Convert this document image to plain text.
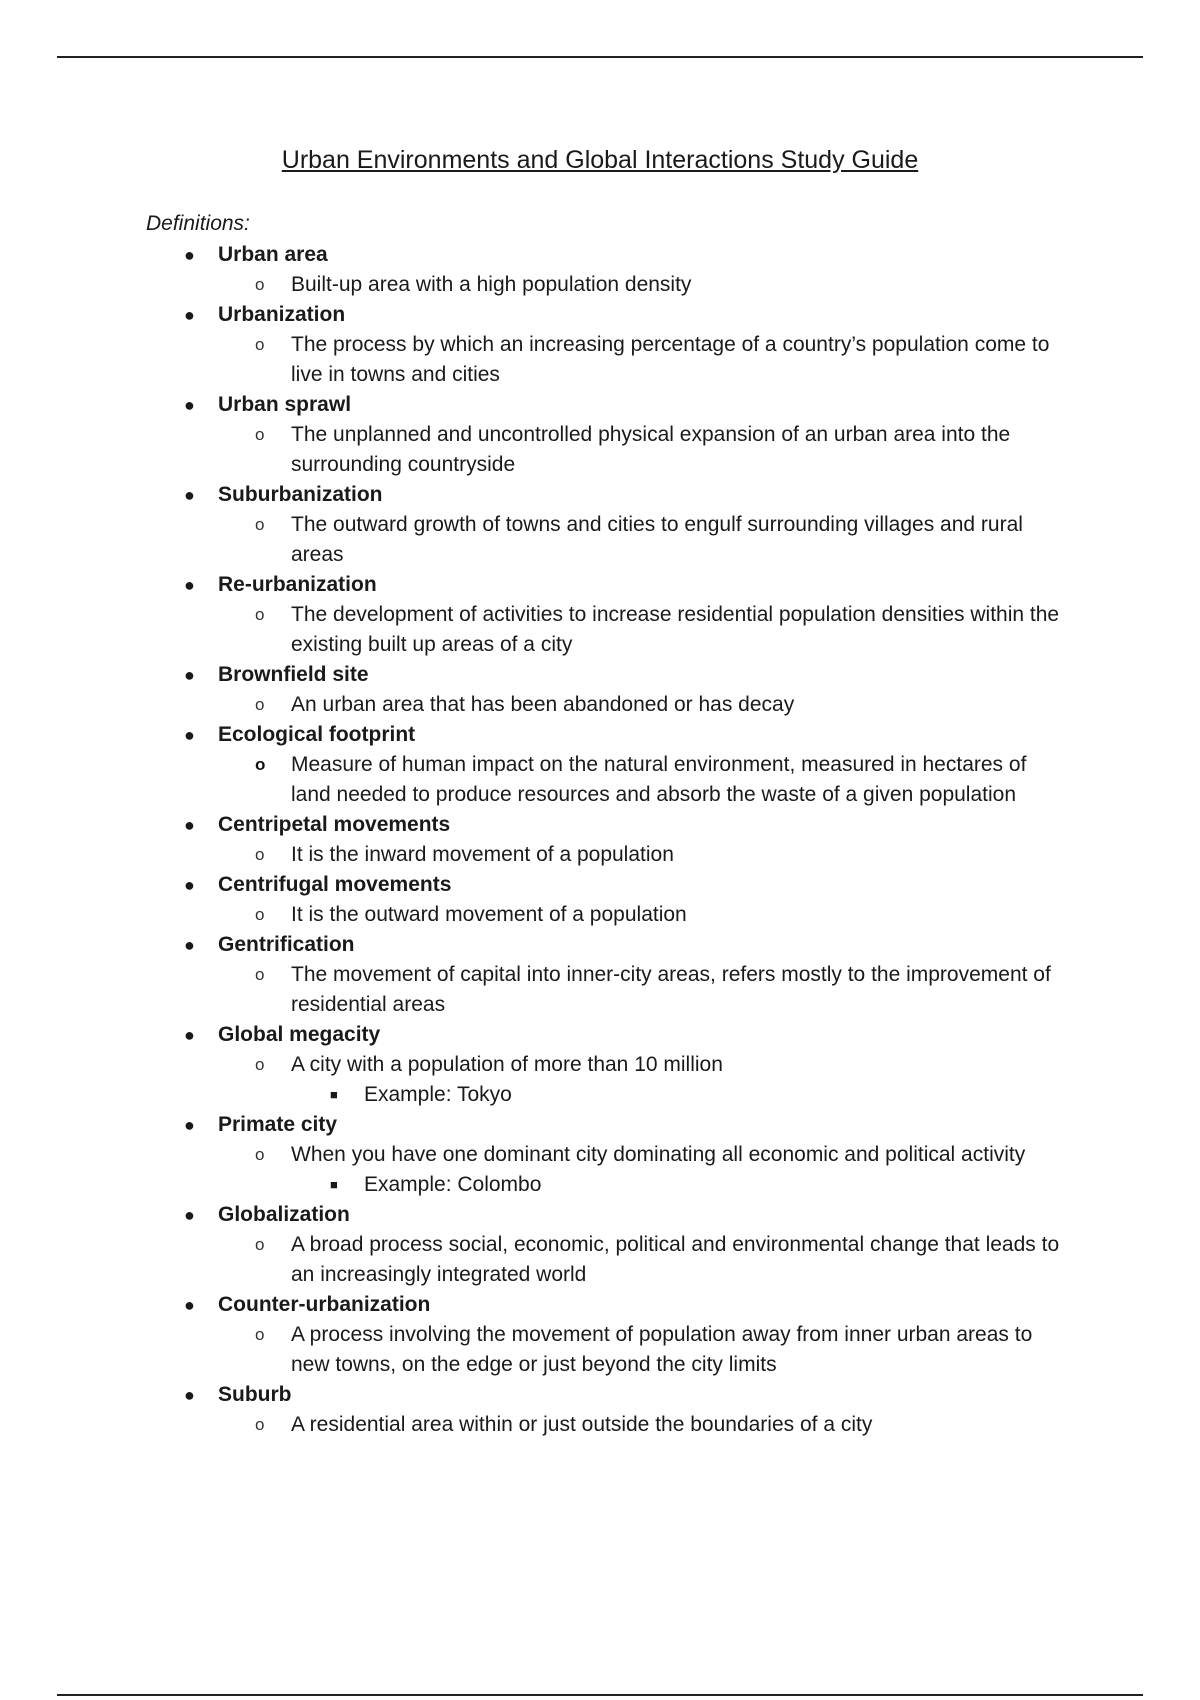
Urban Environments and Global Interactions Study Guide
Definitions:
● Urban area
o Built-up area with a high population density
● Urbanization
o The process by which an increasing percentage of a country’s population come to live in towns and cities
● Urban sprawl
o The unplanned and uncontrolled physical expansion of an urban area into the surrounding countryside
● Suburbanization
o The outward growth of towns and cities to engulf surrounding villages and rural areas
● Re-urbanization
o The development of activities to increase residential population densities within the existing built up areas of a city
● Brownfield site
o An urban area that has been abandoned or has decay
● Ecological footprint
o Measure of human impact on the natural environment, measured in hectares of land needed to produce resources and absorb the waste of a given population
● Centripetal movements
o It is the inward movement of a population
● Centrifugal movements
o It is the outward movement of a population
● Gentrification
o The movement of capital into inner-city areas, refers mostly to the improvement of residential areas
● Global megacity
o A city with a population of more than 10 million
■ Example: Tokyo
● Primate city
o When you have one dominant city dominating all economic and political activity
■ Example: Colombo
● Globalization
o A broad process social, economic, political and environmental change that leads to an increasingly integrated world
● Counter-urbanization
o A process involving the movement of population away from inner urban areas to new towns, on the edge or just beyond the city limits
● Suburb
o A residential area within or just outside the boundaries of a city
